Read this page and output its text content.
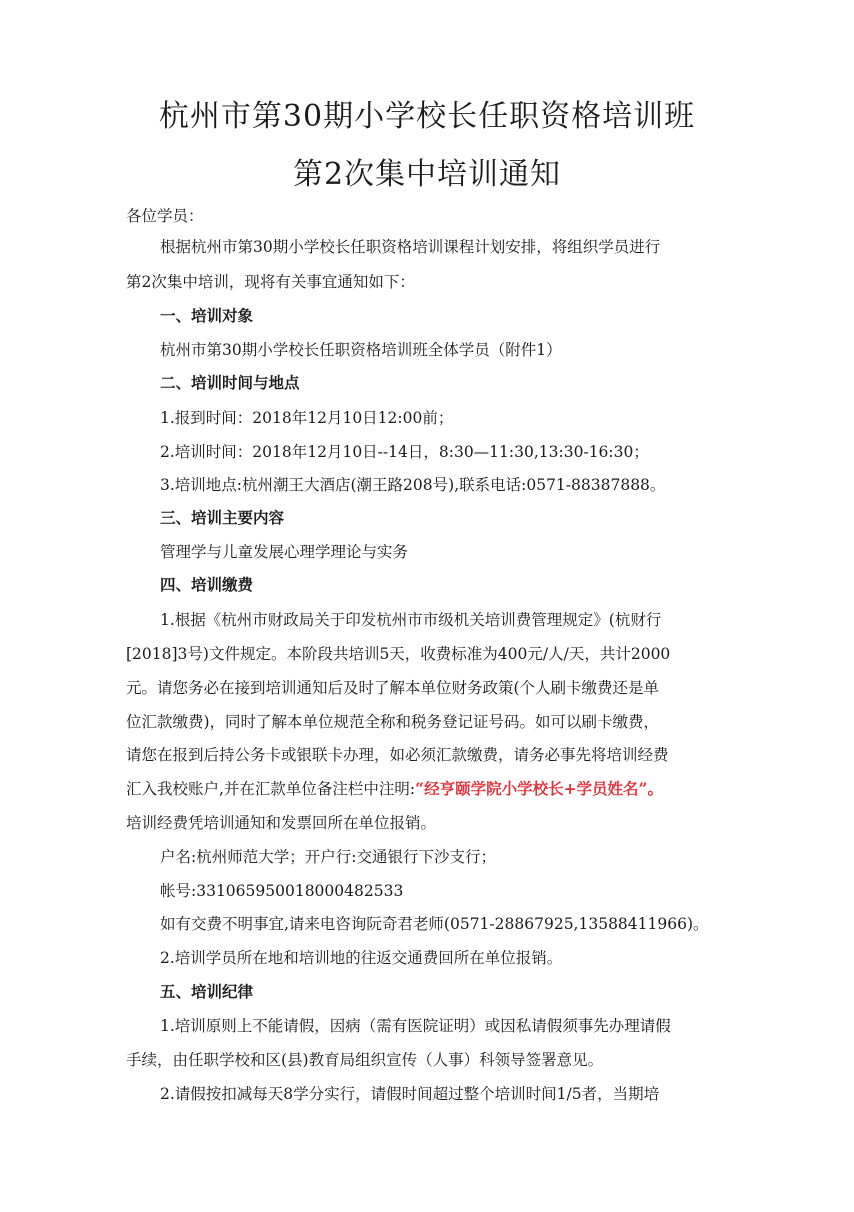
杭州市第30期小学校长任职资格培训班
第2次集中培训通知
各位学员：
根据杭州市第30期小学校长任职资格培训课程计划安排，将组织学员进行
第2次集中培训，现将有关事宜通知如下：
一、培训对象
杭州市第30期小学校长任职资格培训班全体学员（附件1）
二、培训时间与地点
1.报到时间：2018年12月10日12:00前；
2.培训时间：2018年12月10日--14日，8:30—11:30,13:30-16:30；
3.培训地点:杭州潮王大酒店(潮王路208号),联系电话:0571-88387888。
三、培训主要内容
管理学与儿童发展心理学理论与实务
四、培训缴费
1.根据《杭州市财政局关于印发杭州市市级机关培训费管理规定》(杭财行
[2018]3号)文件规定。本阶段共培训5天，收费标准为400元/人/天，共计2000
元。请您务必在接到培训通知后及时了解本单位财务政策(个人刷卡缴费还是单
位汇款缴费)，同时了解本单位规范全称和税务登记证号码。如可以刷卡缴费，
请您在报到后持公务卡或银联卡办理，如必须汇款缴费，请务必事先将培训经费
汇入我校账户,并在汇款单位备注栏中注明:“经亨颐学院小学校长+学员姓名”。
培训经费凭培训通知和发票回所在单位报销。
户名:杭州师范大学；开户行:交通银行下沙支行；
帐号:331065950018000482533
如有交费不明事宜,请来电咨询阮奇君老师(0571-28867925,13588411966)。
2.培训学员所在地和培训地的往返交通费回所在单位报销。
五、培训纪律
1.培训原则上不能请假，因病（需有医院证明）或因私请假须事先办理请假
手续，由任职学校和区(县)教育局组织宣传（人事）科领导签署意见。
2.请假按扣减每天8学分实行，请假时间超过整个培训时间1/5者，当期培
